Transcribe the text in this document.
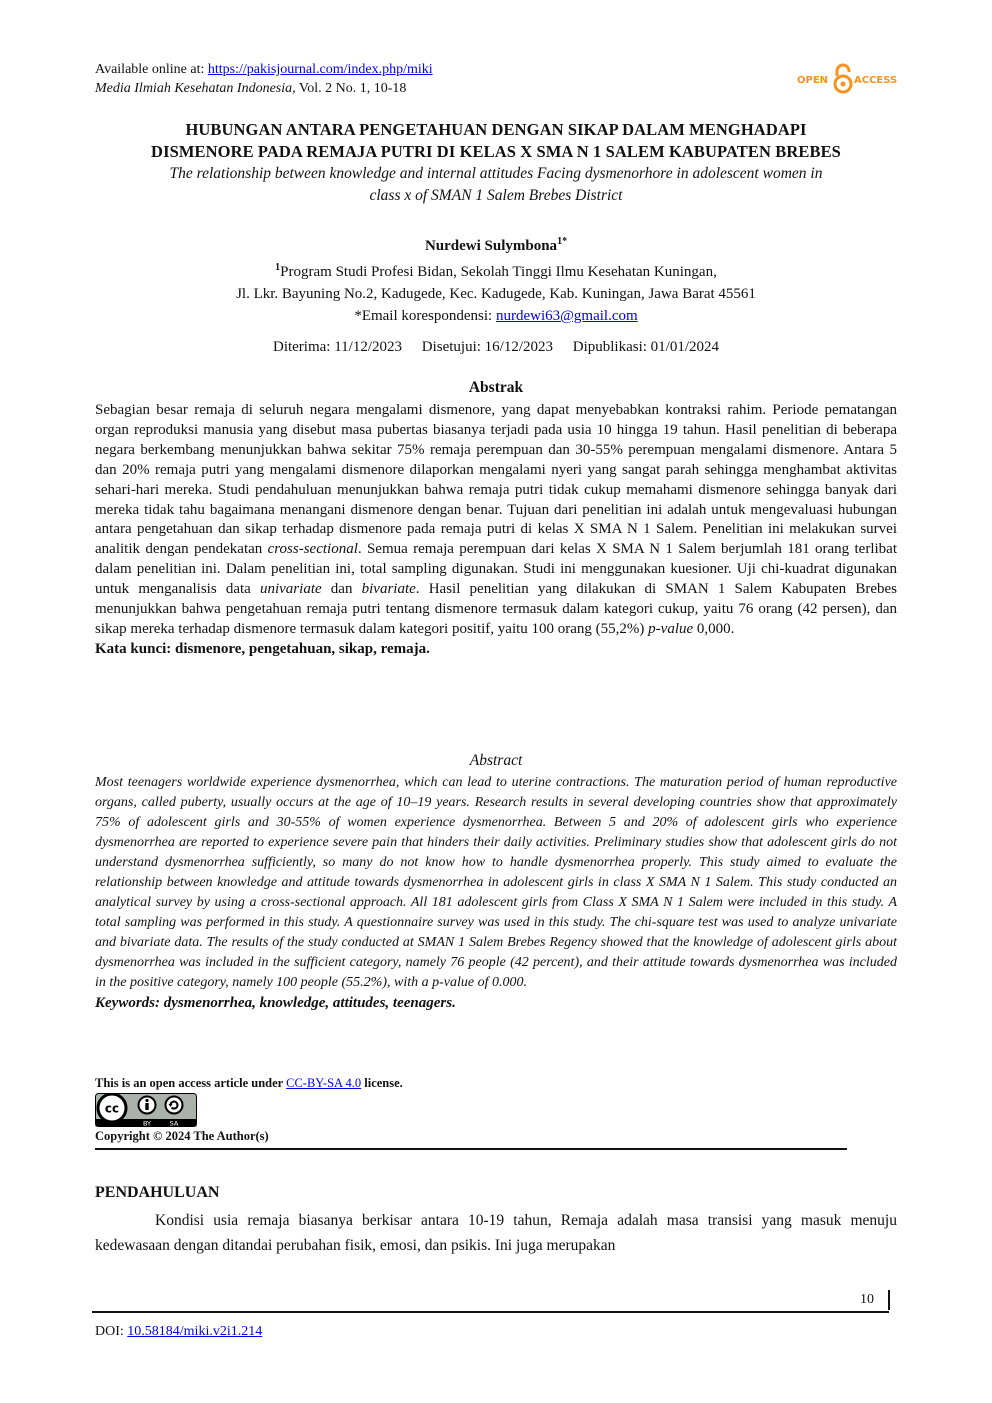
Available online at: https://pakisjournal.com/index.php/miki
Media Ilmiah Kesehatan Indonesia, Vol. 2 No. 1, 10-18
OPEN	ACCESS
HUBUNGAN ANTARA PENGETAHUAN DENGAN SIKAP DALAM MENGHADAPI
DISMENORE PADA REMAJA PUTRI DI KELAS X SMA N 1 SALEM KABUPATEN BREBES
The relationship between knowledge and internal attitudes Facing dysmenorhore in adolescent women in
class x of SMAN 1 Salem Brebes District
Nurdewi Sulymbona$^{1*}$
$^1$Program Studi Profesi Bidan, Sekolah Tinggi Ilmu Kesehatan Kuningan,
Jl. Lkr. Bayuning No.2, Kadugede, Kec. Kadugede, Kab. Kuningan, Jawa Barat 45561
*Email korespondensi: nurdewi63@gmail.com
Diterima: 11/12/2023 Disetujui: 16/12/2023 Dipublikasi: 01/01/2024
Abstrak
Sebagian besar remaja di seluruh negara mengalami dismenore, yang dapat menyebabkan kontraksi rahim. Periode pematangan organ reproduksi manusia yang disebut masa pubertas biasanya terjadi pada usia 10 hingga 19 tahun. Hasil penelitian di beberapa negara berkembang menunjukkan bahwa sekitar 75% remaja perempuan dan 30-55% perempuan mengalami dismenore. Antara 5 dan 20% remaja putri yang mengalami dismenore dilaporkan mengalami nyeri yang sangat parah sehingga menghambat aktivitas sehari-hari mereka. Studi pendahuluan menunjukkan bahwa remaja putri tidak cukup memahami dismenore sehingga banyak dari mereka tidak tahu bagaimana menangani dismenore dengan benar. Tujuan dari penelitian ini adalah untuk mengevaluasi hubungan antara pengetahuan dan sikap terhadap dismenore pada remaja putri di kelas X SMA N 1 Salem. Penelitian ini melakukan survei analitik dengan pendekatan cross-sectional. Semua remaja perempuan dari kelas X SMA N 1 Salem berjumlah 181 orang terlibat dalam penelitian ini. Dalam penelitian ini, total sampling digunakan. Studi ini menggunakan kuesioner. Uji chi-kuadrat digunakan untuk menganalisis data univariate dan bivariate. Hasil penelitian yang dilakukan di SMAN 1 Salem Kabupaten Brebes menunjukkan bahwa pengetahuan remaja putri tentang dismenore termasuk dalam kategori cukup, yaitu 76 orang (42 persen), dan sikap mereka terhadap dismenore termasuk dalam kategori positif, yaitu 100 orang (55,2%) p-value 0,000.
Kata kunci: dismenore, pengetahuan, sikap, remaja.
Abstract
Most teenagers worldwide experience dysmenorrhea, which can lead to uterine contractions. The maturation period of human reproductive organs, called puberty, usually occurs at the age of 10–19 years. Research results in several developing countries show that approximately 75% of adolescent girls and 30-55% of women experience dysmenorrhea. Between 5 and 20% of adolescent girls who experience dysmenorrhea are reported to experience severe pain that hinders their daily activities. Preliminary studies show that adolescent girls do not understand dysmenorrhea sufficiently, so many do not know how to handle dysmenorrhea properly. This study aimed to evaluate the relationship between knowledge and attitude towards dysmenorrhea in adolescent girls in class X SMA N 1 Salem. This study conducted an analytical survey by using a cross-sectional approach. All 181 adolescent girls from Class X SMA N 1 Salem were included in this study. A total sampling was performed in this study. A questionnaire survey was used in this study. The chi-square test was used to analyze univariate and bivariate data. The results of the study conducted at SMAN 1 Salem Brebes Regency showed that the knowledge of adolescent girls about dysmenorrhea was included in the sufficient category, namely 76 people (42 percent), and their attitude towards dysmenorrhea was included in the positive category, namely 100 people (55.2%), with a p-value of 0.000.
Keywords: dysmenorrhea, knowledge, attitudes, teenagers.
This is an open access article under CC-BY-SA 4.0 license.
cc
BY	SA
Copyright © 2024 The Author(s)
PENDAHULUAN
Kondisi usia remaja biasanya berkisar antara 10-19 tahun, Remaja adalah masa transisi yang masuk menuju kedewasaan dengan ditandai perubahan fisik, emosi, dan psikis. Ini juga merupakan
10
DOI: 10.58184/miki.v2i1.214
